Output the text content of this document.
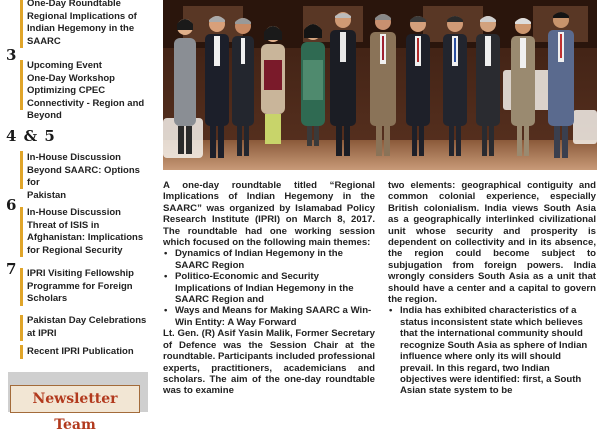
One-Day Roundtable
Regional Implications of
Indian Hegemony in the
SAARC
3
Upcoming Event
One-Day Workshop
Optimizing CPEC
Connectivity - Region and
Beyond
4 & 5
In-House Discussion
Beyond SAARC: Options for
Pakistan
6 In-House Discussion
Threat of ISIS in
Afghanistan: Implications
for Regional Security
7 IPRI Visiting Fellowship
Programme for Foreign
Scholars
Pakistan Day Celebrations
at IPRI
Recent IPRI Publication
Newsletter Team

A one-day roundtable titled “Regional Implications of Indian Hegemony in the SAARC” was organized by Islamabad Policy Research Institute (IPRI) on March 8, 2017. The roundtable had one working session which focused on the following main themes:

• Dynamics of Indian Hegemony in the SAARC Region
• Politico-Economic and Security Implications of Indian Hegemony in the SAARC Region and
• Ways and Means for Making SAARC a Win-Win Entity: A Way Forward

Lt. Gen. (R) Asif Yasin Malik, Former Secretary of Defence was the Session Chair at the roundtable. Participants included professional experts, practitioners, academicians and scholars. The aim of the one-day roundtable was to examine

two elements: geographical contiguity and common colonial experience, especially British colonialism. India views South Asia as a geographically interlinked civilizational unit whose security and prosperity is dependent on collectivity and in its absence, the region could become subject to subjugation from foreign powers. India wrongly considers South Asia as a unit that should have a center and a capital to govern the region.

• India has exhibited characteristics of a status inconsistent state which believes that the international community should recognize South Asia as sphere of Indian influence where only its will should prevail. In this regard, two Indian objectives were identified: first, a South Asian state system to be
